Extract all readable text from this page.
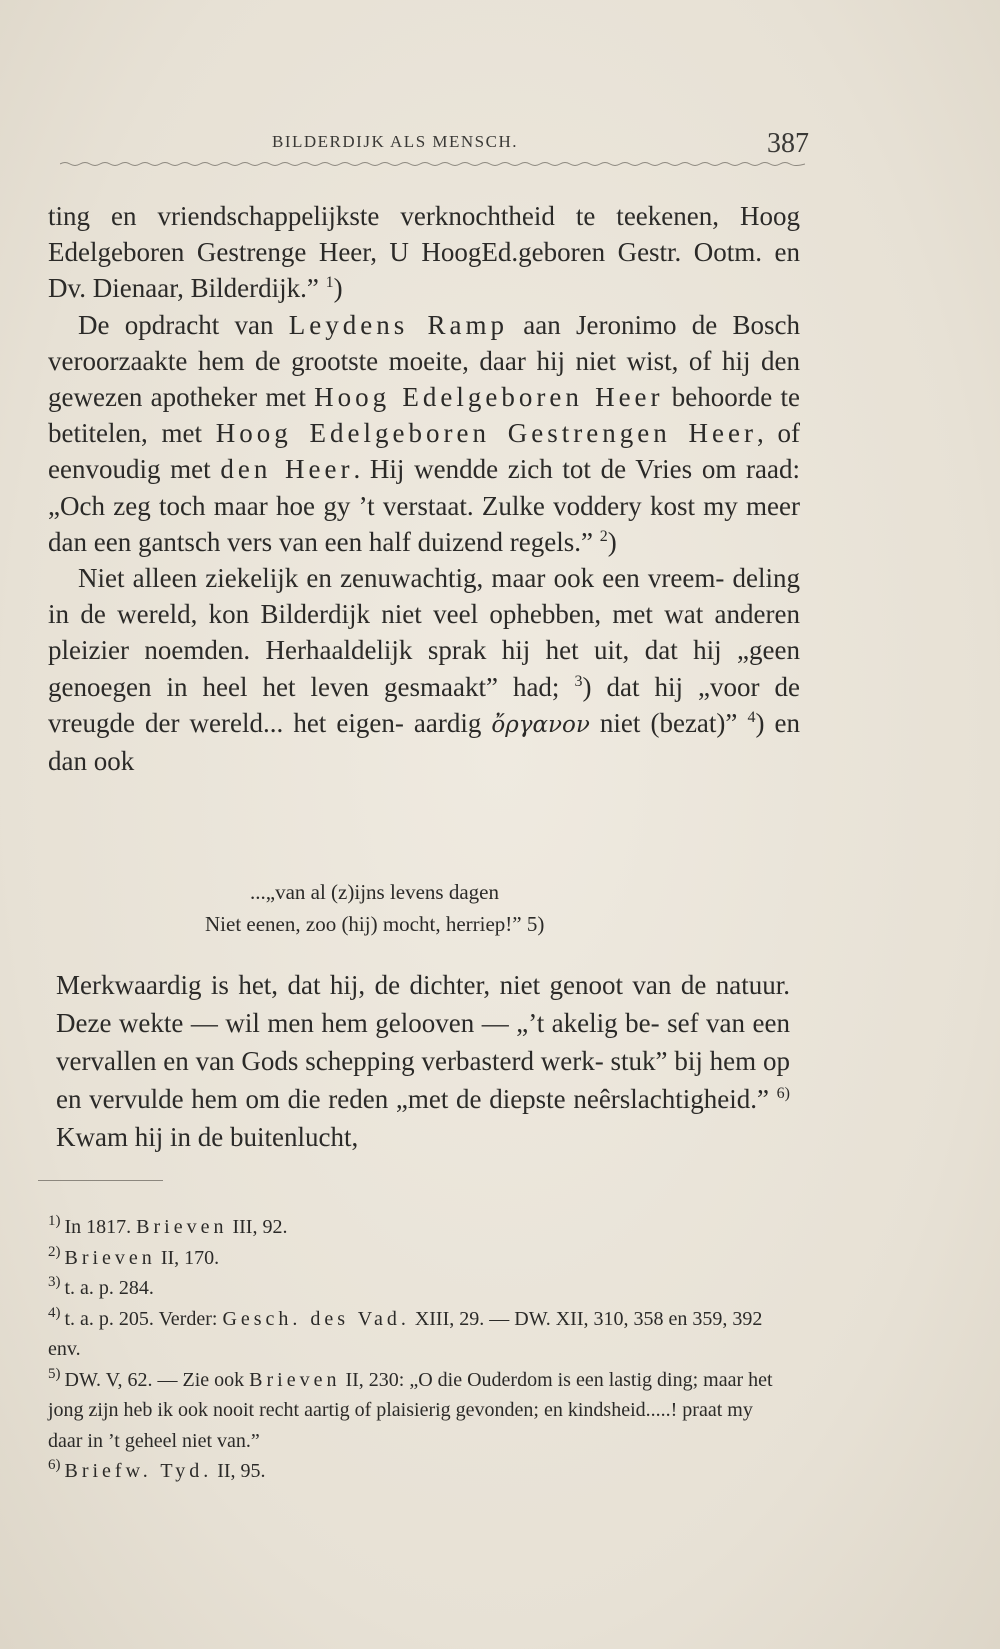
BILDERDIJK ALS MENSCH.	387

ting en vriendschappelijkste verknochtheid te teekenen, Hoog Edelgeboren Gestrenge Heer, U HoogEd.geboren Gestr. Ootm. en Dv. Dienaar, Bilderdijk.” $^1$)

De opdracht van Leydens Ramp aan Jeronimo de Bosch veroorzaakte hem de grootste moeite, daar hij niet wist, of hij den gewezen apotheker met Hoog Edelgeboren Heer behoorde te betitelen, met Hoog Edelgeboren Gestrengen Heer, of eenvoudig met den Heer. Hij wendde zich tot de Vries om raad: „Och zeg toch maar hoe gy ’t verstaat. Zulke voddery kost my meer dan een gantsch vers van een half duizend regels.” $^2$)

Niet alleen ziekelijk en zenuwachtig, maar ook een vreem- deling in de wereld, kon Bilderdijk niet veel ophebben, met wat anderen pleizier noemden. Herhaaldelijk sprak hij het uit, dat hij „geen genoegen in heel het leven gesmaakt” had; $^3$) dat hij „voor de vreugde der wereld... het eigen- aardig ὄργανον niet (bezat)” $^4$) en dan ook

...„van al (z)ijns levens dagen
Niet eenen, zoo (hij) mocht, herriep!” 5)

Merkwaardig is het, dat hij, de dichter, niet genoot van de natuur. Deze wekte — wil men hem gelooven — „’t akelig be- sef van een vervallen en van Gods schepping verbasterd werk- stuk” bij hem op en vervulde hem om die reden „met de diepste neêrslachtigheid.” $^{6)}$ Kwam hij in de buitenlucht,

$^{1)}$ In 1817. Brieven III, 92.

$^{2)}$ Brieven II, 170.

$^{3)}$ t. a. p. 284.

$^{4)}$ t. a. p. 205. Verder: Gesch. des Vad. XIII, 29. — DW. XII, 310, 358 en 359, 392 env.

$^{5)}$ DW. V, 62. — Zie ook Brieven II, 230: „O die Ouderdom is een lastig ding; maar het jong zijn heb ik ook nooit recht aartig of plaisierig gevonden; en kindsheid.....! praat my daar in ’t geheel niet van.”

$^{6)}$ Briefw. Tyd. II, 95.
